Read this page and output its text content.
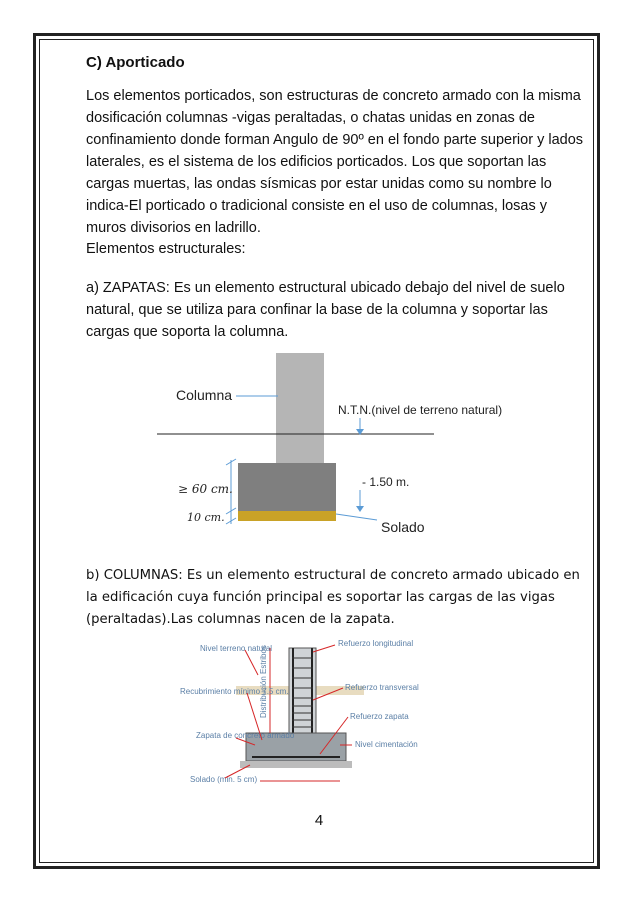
C) Aporticado
Los elementos porticados, son estructuras de concreto armado con la misma dosificación columnas -vigas peraltadas, o chatas unidas en zonas de confinamiento donde forman Angulo de 90º en el fondo parte superior y lados laterales, es el sistema de los edificios porticados. Los que soportan las cargas muertas, las ondas sísmicas por estar unidas como su nombre lo indica-El porticado o tradicional consiste en el uso de columnas, losas y muros divisorios en ladrillo.
Elementos estructurales:
a) ZAPATAS: Es un elemento estructural ubicado debajo del nivel de suelo natural, que se utiliza para confinar la base de la columna y soportar las cargas que soporta la columna.
Columna
N.T.N.(nivel de terreno natural)
- 1.50 m.
≥ 60 cm.
10 cm.
Solado
Distribución Estribos
Nivel terreno natural
Recubrimiento mínimo 7.5 cm.
Zapata de concreto armado
Solado (min. 5 cm)
Refuerzo longitudinal
Refuerzo transversal
Refuerzo zapata
Nivel cimentación
b) COLUMNAS: Es un elemento estructural de concreto armado ubicado en la edificación cuya función principal es soportar las cargas de las vigas (peraltadas).Las columnas nacen de la zapata.
4
